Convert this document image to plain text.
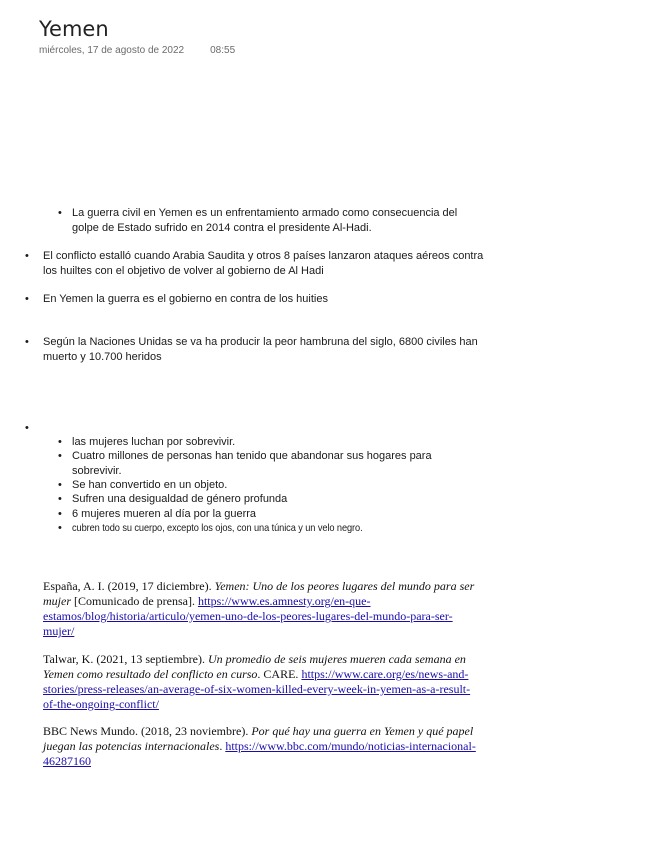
Yemen
miércoles, 17 de agosto de 2022	08:55
• La guerra civil en Yemen es un enfrentamiento armado como consecuencia del
golpe de Estado sufrido en 2014 contra el presidente Al-Hadi.
• El conflicto estalló cuando Arabia Saudita y otros 8 países lanzaron ataques aéreos contra
los huiltes con el objetivo de volver al gobierno de Al Hadi
• En Yemen la guerra es el gobierno en contra de los huities
• Según la Naciones Unidas se va ha producir la peor hambruna del siglo, 6800 civiles han
muerto y 10.700 heridos
•
• las mujeres luchan por sobrevivir.
• Cuatro millones de personas han tenido que abandonar sus hogares para
sobrevivir.
• Se han convertido en un objeto.
• Sufren una desigualdad de género profunda
• 6 mujeres mueren al día por la guerra
• cubren todo su cuerpo, excepto los ojos, con una túnica y un velo negro.
España, A. I. (2019, 17 diciembre). Yemen: Uno de los peores lugares del mundo para ser mujer [Comunicado de prensa]. https://www.es.amnesty.org/en-que-estamos/blog/historia/articulo/yemen-uno-de-los-peores-lugares-del-mundo-para-ser-mujer/
Talwar, K. (2021, 13 septiembre). Un promedio de seis mujeres mueren cada semana en Yemen como resultado del conflicto en curso. CARE. https://www.care.org/es/news-and-stories/press-releases/an-average-of-six-women-killed-every-week-in-yemen-as-a-result-of-the-ongoing-conflict/
BBC News Mundo. (2018, 23 noviembre). Por qué hay una guerra en Yemen y qué papel juegan las potencias internacionales. https://www.bbc.com/mundo/noticias-internacional-46287160
